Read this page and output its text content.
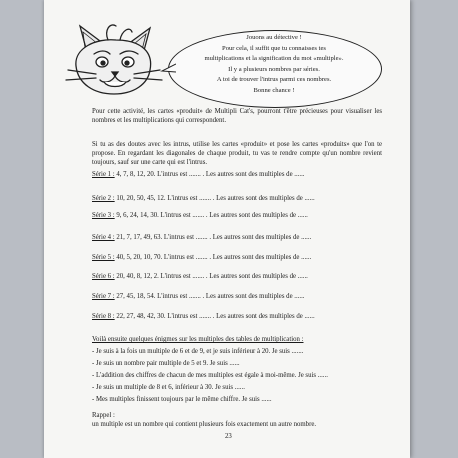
Jouons au détective !
Pour cela, il suffit que tu connaisses tes
multiplications et la signification du mot «multiple».
Il y a plusieurs nombres par séries.
A toi de trouver l'intrus parmi ces nombres.
Bonne chance !
Pour cette activité, les cartes «produit» de Multipli Cat's, pourront t'être précieuses pour visualiser les nombres et les multiplications qui correspondent.
Si tu as des doutes avec les intrus, utilise les cartes «produit» et pose les cartes «produits» que l'on te propose. En regardant les diagonales de chaque produit, tu vas te rendre compte qu'un nombre revient toujours, sauf sur une carte qui est l'intrus.
Série 1 : 4, 7, 8, 12, 20. L'intrus est ....... . Les autres sont des multiples de ......
Série 2 : 10, 20, 50, 45, 12. L'intrus est ....... . Les autres sont des multiples de ......
Série 3 : 9, 6, 24, 14, 30. L'intrus est ....... . Les autres sont des multiples de ......
Série 4 : 21, 7, 17, 49, 63. L'intrus est ....... . Les autres sont des multiples de ......
Série 5 : 40, 5, 20, 10, 70. L'intrus est ....... . Les autres sont des multiples de ......
Série 6 : 20, 40, 8, 12, 2. L'intrus est ....... . Les autres sont des multiples de ......
Série 7 : 27, 45, 18, 54. L'intrus est ....... . Les autres sont des multiples de ......
Série 8 : 22, 27, 48, 42, 30. L'intrus est ....... . Les autres sont des multiples de ......
Voilà ensuite quelques énigmes sur les multiples des tables de multiplication :
- Je suis à la fois un multiple de 6 et de 9, et je suis inférieur à 20. Je suis .......
- Je suis un nombre pair multiple de 5 et 9. Je suis ......
- L'addition des chiffres de chacun de mes multiples est égale à moi-même. Je suis ......
- Je suis un multiple de 8 et 6, inférieur à 30. Je suis ......
- Mes multiples finissent toujours par le même chiffre. Je suis ......
Rappel :
un multiple est un nombre qui contient plusieurs fois exactement un autre nombre.
23
